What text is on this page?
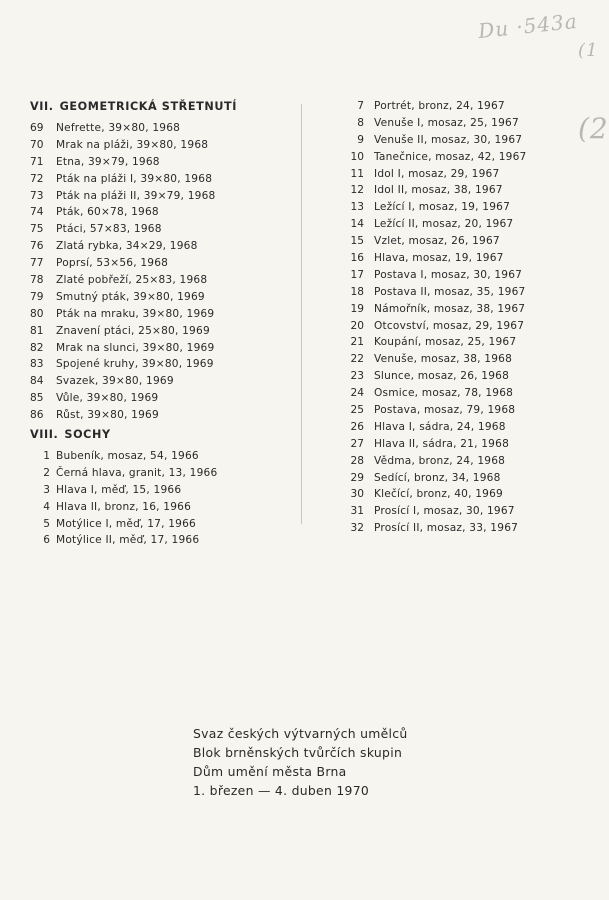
Du ·543a
(1
(2
VII. GEOMETRICKÁ STŘETNUTÍ
69	Nefrette, 39×80, 1968
70	Mrak na pláži, 39×80, 1968
71	Etna, 39×79, 1968
72	Pták na pláži I, 39×80, 1968
73	Pták na pláži II, 39×79, 1968
74	Pták, 60×78, 1968
75	Ptáci, 57×83, 1968
76	Zlatá rybka, 34×29, 1968
77	Poprsí, 53×56, 1968
78	Zlaté pobřeží, 25×83, 1968
79	Smutný pták, 39×80, 1969
80	Pták na mraku, 39×80, 1969
81	Znavení ptáci, 25×80, 1969
82	Mrak na slunci, 39×80, 1969
83	Spojené kruhy, 39×80, 1969
84	Svazek, 39×80, 1969
85	Vůle, 39×80, 1969
86	Růst, 39×80, 1969
VIII. SOCHY
1 Bubeník, mosaz, 54, 1966
2 Černá hlava, granit, 13, 1966
3 Hlava I, měď, 15, 1966
4 Hlava II, bronz, 16, 1966
5 Motýlice I, měď, 17, 1966
6 Motýlice II, měď, 17, 1966
7 Portrét, bronz, 24, 1967
8 Venuše I, mosaz, 25, 1967
9 Venuše II, mosaz, 30, 1967
10 Tanečnice, mosaz, 42, 1967
11 Idol I, mosaz, 29, 1967
12 Idol II, mosaz, 38, 1967
13 Ležící I, mosaz, 19, 1967
14 Ležící II, mosaz, 20, 1967
15 Vzlet, mosaz, 26, 1967
16 Hlava, mosaz, 19, 1967
17 Postava I, mosaz, 30, 1967
18 Postava II, mosaz, 35, 1967
19 Námořník, mosaz, 38, 1967
20 Otcovství, mosaz, 29, 1967
21 Koupání, mosaz, 25, 1967
22 Venuše, mosaz, 38, 1968
23 Slunce, mosaz, 26, 1968
24 Osmice, mosaz, 78, 1968
25 Postava, mosaz, 79, 1968
26 Hlava I, sádra, 24, 1968
27 Hlava II, sádra, 21, 1968
28 Vědma, bronz, 24, 1968
29 Sedící, bronz, 34, 1968
30 Klečící, bronz, 40, 1969
31 Prosící I, mosaz, 30, 1967
32 Prosící II, mosaz, 33, 1967
Svaz českých výtvarných umělců
Blok brněnských tvůrčích skupin
Dům umění města Brna
1. březen — 4. duben 1970
